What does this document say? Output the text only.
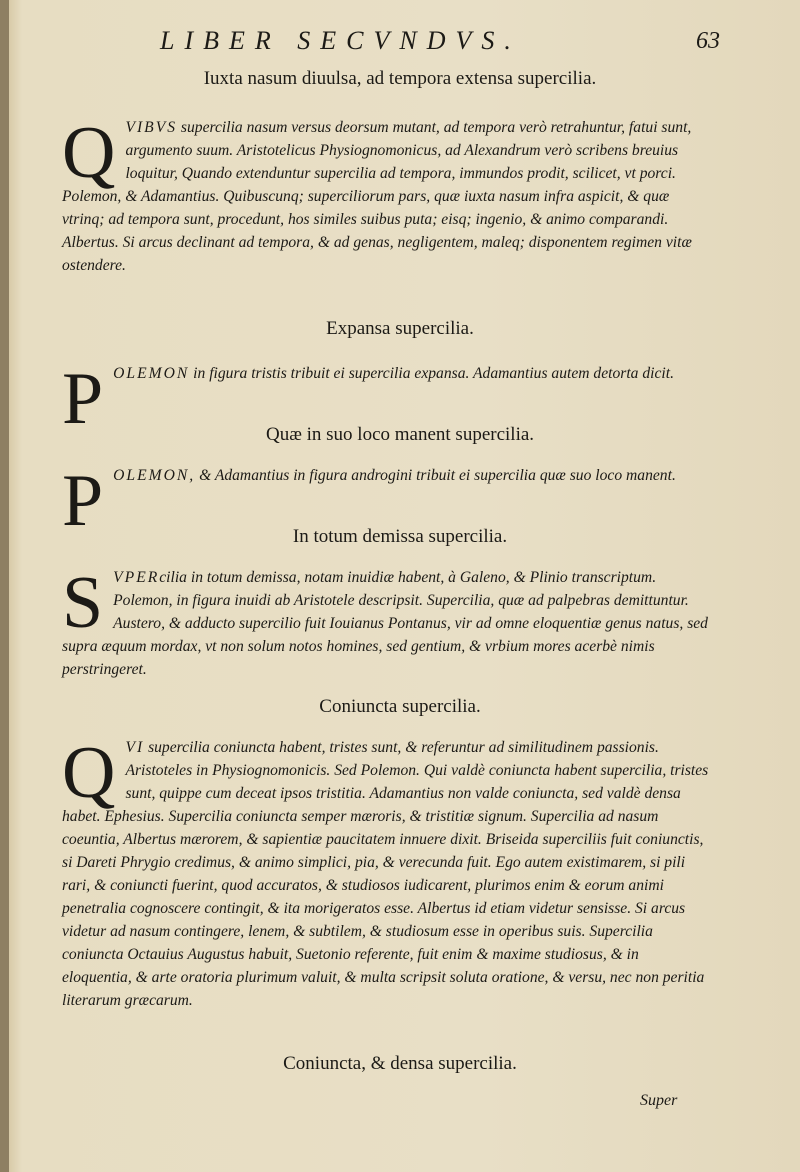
LIBER SECVNDVS.	63
Iuxta nasum diuulsa, ad tempora extensa supercilia.

QVIBVS supercilia nasum versus deorsum mutant, ad tempora verò retrahuntur, fatui sunt, argumento suum. Aristotelicus Physiognomonicus, ad Alexandrum verò scribens breuius loquitur, Quando extenduntur supercilia ad tempora, immundos prodit, scilicet, vt porci. Polemon, & Adamantius. Quibuscunq; superciliorum pars, quæ iuxta nasum infra aspicit, & quæ vtrinq; ad tempora sunt, procedunt, hos similes suibus puta; eisq; ingenio, & animo comparandi. Albertus. Si arcus declinant ad tempora, & ad genas, negligentem, maleq; disponentem regimen vitæ ostendere.

Expansa supercilia.

POLEMON in figura tristis tribuit ei supercilia expansa. Adamantius autem detorta dicit.

Quæ in suo loco manent supercilia.

POLEMON, & Adamantius in figura androgini tribuit ei supercilia quæ suo loco manent.

In totum demissa supercilia.

SVPERcilia in totum demissa, notam inuidiæ habent, à Galeno, & Plinio transcriptum. Polemon, in figura inuidi ab Aristotele descripsit. Supercilia, quæ ad palpebras demittuntur. Austero, & adducto supercilio fuit Iouianus Pontanus, vir ad omne eloquentiæ genus natus, sed supra æquum mordax, vt non solum notos homines, sed gentium, & vrbium mores acerbè nimis perstringeret.

Coniuncta supercilia.

QVI supercilia coniuncta habent, tristes sunt, & referuntur ad similitudinem passionis. Aristoteles in Physiognomonicis. Sed Polemon. Qui valdè coniuncta habent supercilia, tristes sunt, quippe cum deceat ipsos tristitia. Adamantius non valde coniuncta, sed valdè densa habet. Ephesius. Supercilia coniuncta semper mæroris, & tristitiæ signum. Supercilia ad nasum coeuntia, Albertus mærorem, & sapientiæ paucitatem innuere dixit. Briseida superciliis fuit coniunctis, si Dareti Phrygio credimus, & animo simplici, pia, & verecunda fuit. Ego autem existimarem, si pili rari, & coniuncti fuerint, quod accuratos, & studiosos iudicarent, plurimos enim & eorum animi penetralia cognoscere contingit, & ita morigeratos esse. Albertus id etiam videtur sensisse. Si arcus videtur ad nasum contingere, lenem, & subtilem, & studiosum esse in operibus suis. Supercilia coniuncta Octauius Augustus habuit, Suetonio referente, fuit enim & maxime studiosus, & in eloquentia, & arte oratoria plurimum valuit, & multa scripsit soluta oratione, & versu, nec non peritia literarum græcarum.

Coniuncta, & densa supercilia.
Super
